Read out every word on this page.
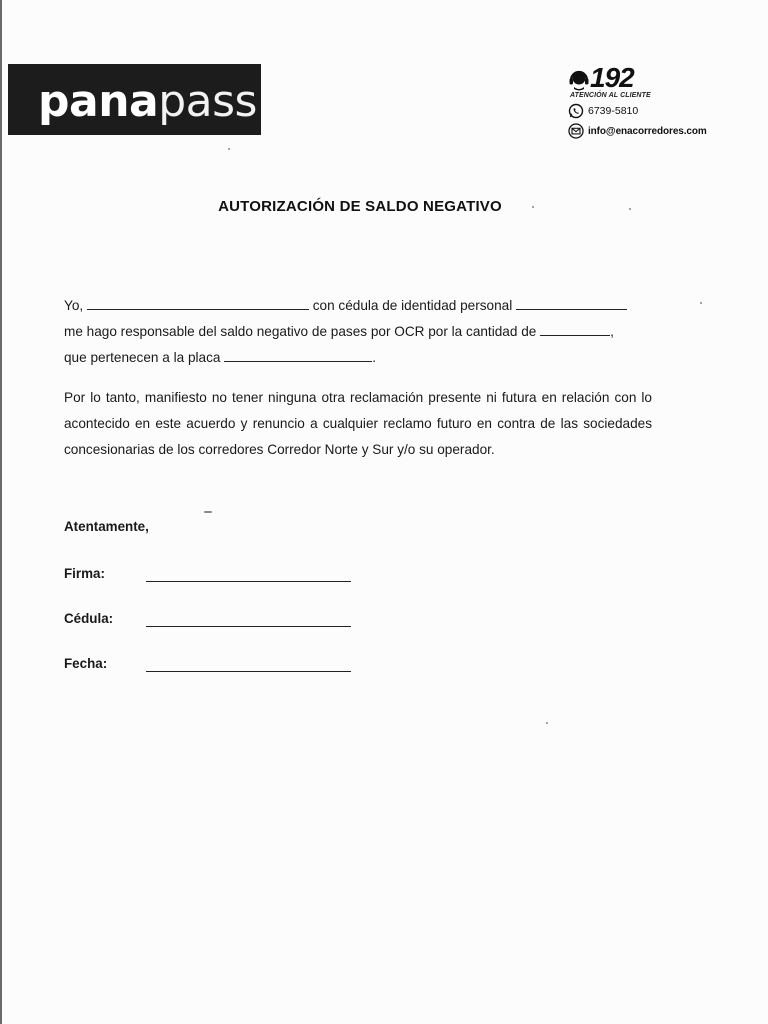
panapass	192
ATENCIÓN AL CLIENTE
6739-5810
info@enacorredores.com
AUTORIZACIÓN DE SALDO NEGATIVO
Yo,	con cédula de identidad personal
me hago responsable del saldo negativo de pases por OCR por la cantidad de	,
que pertenecen a la placa	.
Por lo tanto, manifiesto no tener ninguna otra reclamación presente ni futura en relación con lo acontecido en este acuerdo y renuncio a cualquier reclamo futuro en contra de las sociedades concesionarias de los corredores Corredor Norte y Sur y/o su operador.
Atentamente,
Firma:
Cédula:
Fecha:
